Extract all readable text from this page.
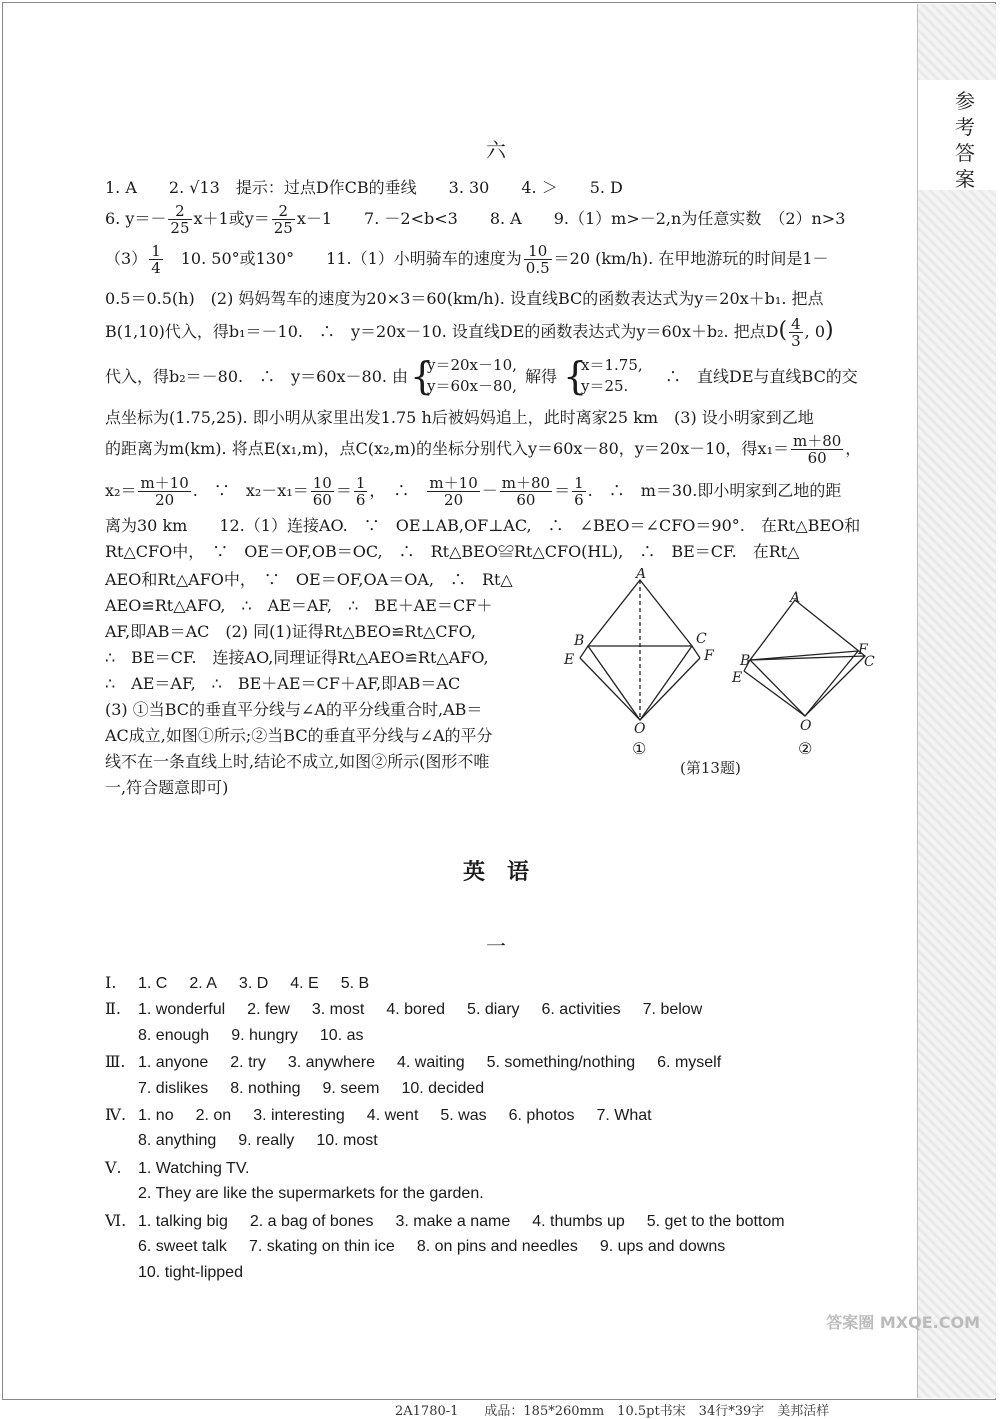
参考答案
六
1. A　　2. √13　提示：过点D作CB的垂线　　3. 30　　4. ＞　　5. D
6. $y=- \frac{2}{25} x+1$或$y= \frac{2}{25} x-1$　　7. －2<b<3　　8. A　　9.（1）m>－2,n为任意实数　（2）n>3
$(3) \frac{1}{4}$ 　10. 50°或130°　　11.（1）小明骑车的速度为 $\frac{10}{0.5} =20$ (km/h). 在甲地游玩的时间是1－
0.5＝0.5(h)　(2) 妈妈驾车的速度为20×3＝60(km/h). 设直线BC的函数表达式为y＝20x＋b₁. 把点
B(1,10)代入，得b₁＝－10.　∴　y＝20x－10. 设直线DE的函数表达式为y＝60x＋b₂. 把点$D( \frac{4}{3}$ , 0)
代入，得b₂＝－80.　∴　y＝60x－80. 由 {
y＝20x－10,
y＝60x－80, 解得 {
x＝1.75,
y＝25.	∴　直线DE与直线BC的交
点坐标为(1.75,25). 即小明从家里出发1.75 h后被妈妈追上，此时离家25 km　(3) 设小明家到乙地
的距离为m(km). 将点E(x₁,m)，点C(x₂,m)的坐标分别代入y＝60x－80，y＝20x－10，得$x_1= \frac{m+80}{60}$ ，
$x_2= \frac{m+10}{20}$ .　∵　$x_2-x_1= \frac{10}{60} = \frac{1}{6}$ ，　∴　 $\frac{m+10}{20} - \frac{m+80}{60} = \frac{1}{6}$ .　∴　m＝30.即小明家到乙地的距
离为30 km　　12.（1）连接AO.　∵　OE⊥AB,OF⊥AC,　∴　∠BEO＝∠CFO＝90°.　在Rt△BEO和
Rt△CFO中，　∵　OE＝OF,OB＝OC,　∴　Rt△BEO≌Rt△CFO(HL),　∴　BE＝CF.　在Rt△
AEO和Rt△AFO中，　∵　OE＝OF,OA＝OA,　∴　Rt△
AEO≌Rt△AFO,　∴　AE＝AF,　∴　BE＋AE＝CF＋
AF,即AB＝AC　(2) 同(1)证得Rt△BEO≌Rt△CFO,
∴　BE＝CF.　连接AO,同理证得Rt△AEO≌Rt△AFO,
∴　AE＝AF,　∴　BE＋AE＝CF＋AF,即AB＝AC
(3) ①当BC的垂直平分线与∠A的平分线重合时,AB＝
AC成立,如图①所示;②当BC的垂直平分线与∠A的平分
线不在一条直线上时,结论不成立,如图②所示(图形不唯
一,符合题意即可)
英　语
一
Ⅰ. 1. C 2. A 3. D 4. E 5. B
Ⅱ. 1. wonderful 2. few 3. most 4. bored 5. diary 6. activities 7. below
8. enough 9. hungry 10. as
Ⅲ. 1. anyone 2. try 3. anywhere 4. waiting 5. something/nothing 6. myself
7. dislikes 8. nothing 9. seem 10. decided
Ⅳ. 1. no 2. on 3. interesting 4. went 5. was 6. photos 7. What
8. anything 9. really 10. most
Ⅴ. 1. Watching TV.
2. They are like the supermarkets for the garden.
Ⅵ. 1. talking big 2. a bag of bones 3. make a name 4. thumbs up 5. get to the bottom
6. sweet talk 7. skating on thin ice 8. on pins and needles 9. ups and downs
10. tight-lipped
A
B	C
E	F
O
A
B	C
E
F
O
①	②
(第13题)
答案圈 MXQE.COM
2A1780-1　　成品：185*260mm　10.5pt书宋　34行*39字　美邦活样
